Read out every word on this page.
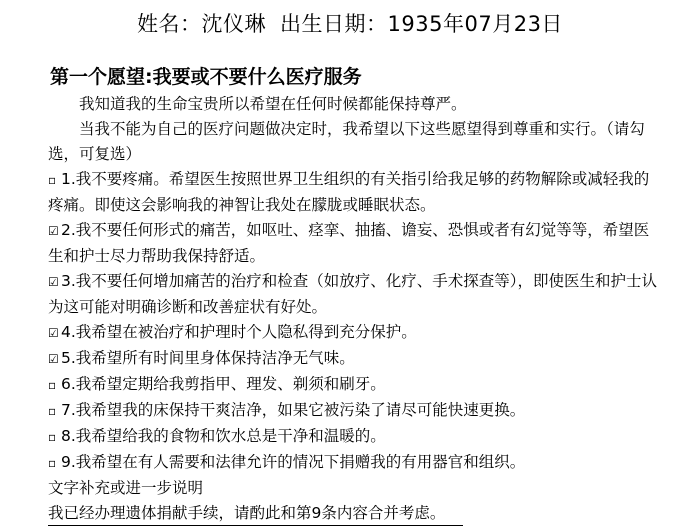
姓名：沈仪琳 出生日期：1935年07月23日
第一个愿望:我要或不要什么医疗服务

我知道我的生命宝贵所以希望在任何时候都能保持尊严。

当我不能为自己的医疗问题做决定时，我希望以下这些愿望得到尊重和实行。（请勾选，可复选）

▫ 1.我不要疼痛。希望医生按照世界卫生组织的有关指引给我足够的药物解除或减轻我的疼痛。即使这会影响我的神智让我处在朦胧或睡眠状态。

☑ 2.我不要任何形式的痛苦，如呕吐、痉挛、抽搐、谵妄、恐惧或者有幻觉等等，希望医生和护士尽力帮助我保持舒适。

☑ 3.我不要任何增加痛苦的治疗和检查（如放疗、化疗、手术探查等），即使医生和护士认为这可能对明确诊断和改善症状有好处。

☑ 4.我希望在被治疗和护理时个人隐私得到充分保护。

☑ 5.我希望所有时间里身体保持洁净无气味。

▫ 6.我希望定期给我剪指甲、理发、剃须和刷牙。

▫ 7.我希望我的床保持干爽洁净，如果它被污染了请尽可能快速更换。

▫ 8.我希望给我的食物和饮水总是干净和温暖的。

▫ 9.我希望在有人需要和法律允许的情况下捐赠我的有用器官和组织。

文字补充或进一步说明

我已经办理遗体捐献手续，请酌此和第9条内容合并考虑。
